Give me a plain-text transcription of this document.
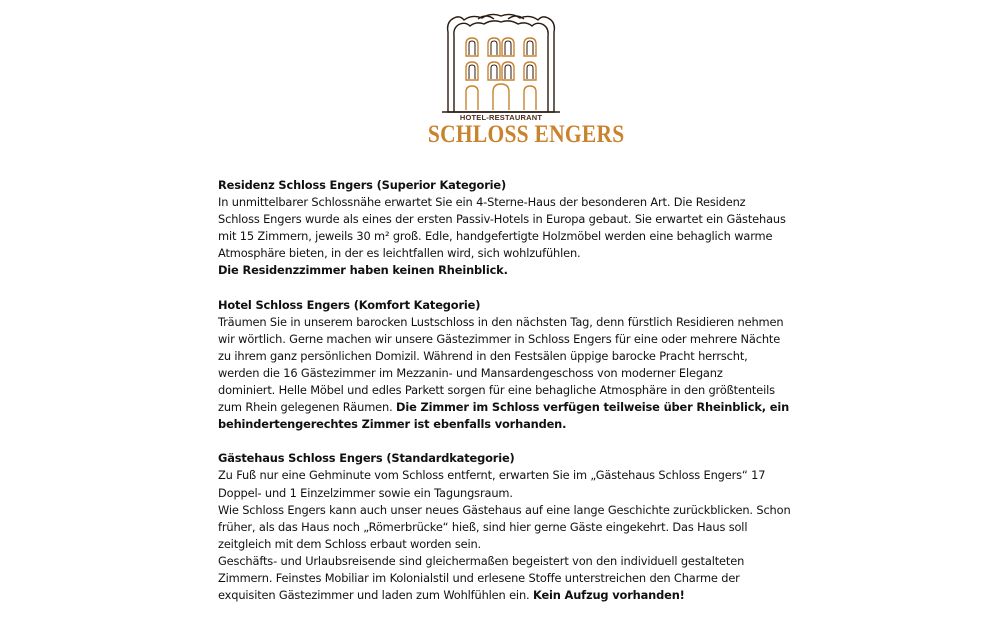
HOTEL-RESTAURANT
SCHLOSS ENGERS
Residenz Schloss Engers (Superior Kategorie)
In unmittelbarer Schlossnähe erwartet Sie ein 4-Sterne-Haus der besonderen Art. Die Residenz
Schloss Engers wurde als eines der ersten Passiv-Hotels in Europa gebaut. Sie erwartet ein Gästehaus
mit 15 Zimmern, jeweils 30 m² groß. Edle, handgefertigte Holzmöbel werden eine behaglich warme
Atmosphäre bieten, in der es leichtfallen wird, sich wohlzufühlen.
Die Residenzzimmer haben keinen Rheinblick.
Hotel Schloss Engers (Komfort Kategorie)
Träumen Sie in unserem barocken Lustschloss in den nächsten Tag, denn fürstlich Residieren nehmen
wir wörtlich. Gerne machen wir unsere Gästezimmer in Schloss Engers für eine oder mehrere Nächte
zu ihrem ganz persönlichen Domizil. Während in den Festsälen üppige barocke Pracht herrscht,
werden die 16 Gästezimmer im Mezzanin- und Mansardengeschoss von moderner Eleganz
dominiert. Helle Möbel und edles Parkett sorgen für eine behagliche Atmosphäre in den größtenteils
zum Rhein gelegenen Räumen. Die Zimmer im Schloss verfügen teilweise über Rheinblick, ein
behindertengerechtes Zimmer ist ebenfalls vorhanden.
Gästehaus Schloss Engers (Standardkategorie)
Zu Fuß nur eine Gehminute vom Schloss entfernt, erwarten Sie im „Gästehaus Schloss Engers“ 17
Doppel- und 1 Einzelzimmer sowie ein Tagungsraum.
Wie Schloss Engers kann auch unser neues Gästehaus auf eine lange Geschichte zurückblicken. Schon
früher, als das Haus noch „Römerbrücke“ hieß, sind hier gerne Gäste eingekehrt. Das Haus soll
zeitgleich mit dem Schloss erbaut worden sein.
Geschäfts- und Urlaubsreisende sind gleichermaßen begeistert von den individuell gestalteten
Zimmern. Feinstes Mobiliar im Kolonialstil und erlesene Stoffe unterstreichen den Charme der
exquisiten Gästezimmer und laden zum Wohlfühlen ein. Kein Aufzug vorhanden!
